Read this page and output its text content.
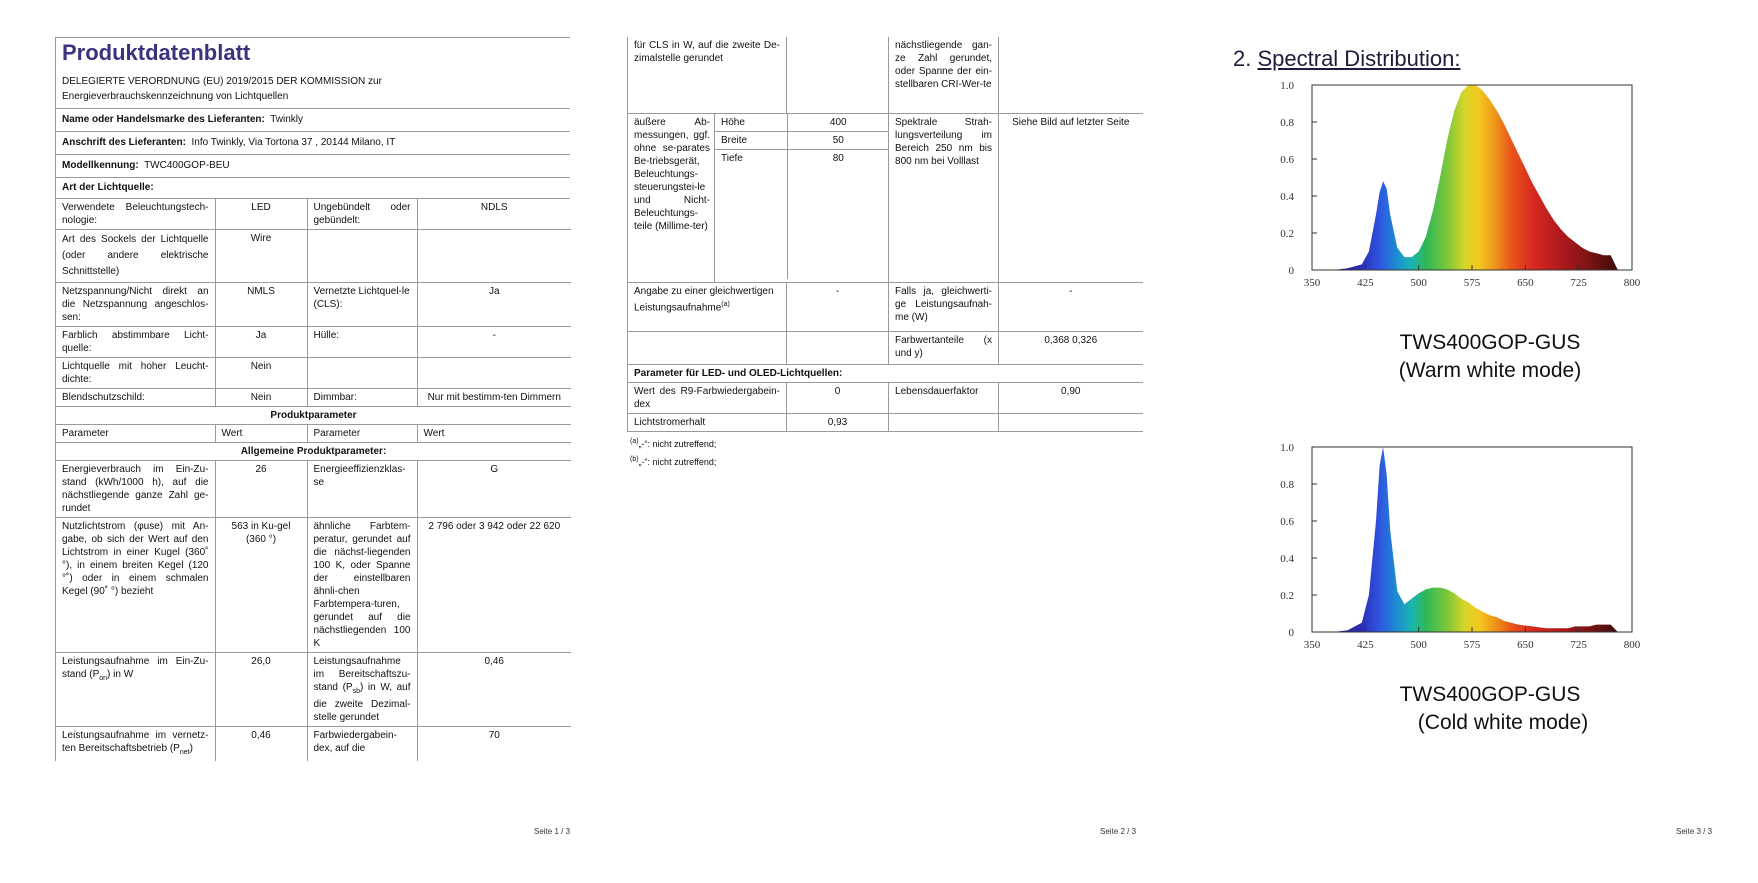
Produktdatenblatt
DELEGIERTE VERORDNUNG (EU) 2019/2015 DER KOMMISSION zur
Energieverbrauchskennzeichnung von Lichtquellen
Name oder Handelsmarke des Lieferanten: Twinkly
Anschrift des Lieferanten: Info Twinkly, Via Tortona 37 , 20144 Milano, IT
Modellkennung: TWC400GOP-BEU
Art der Lichtquelle:
Verwendete Beleuchtungstech-nologie:	LED	Ungebündelt oder gebündelt:	NDLS
Art des Sockels der Lichtquelle (oder andere elektrische Schnittstelle)	Wire		
Netzspannung/Nicht direkt an die Netzspannung angeschlos-sen:	NMLS	Vernetzte Lichtquel-le (CLS):	Ja
Farblich abstimmbare Licht-quelle:	Ja	Hülle:	-
Lichtquelle mit hoher Leucht-dichte:	Nein		
Blendschutzschild:	Nein	Dimmbar:	Nur mit bestimm-ten Dimmern
Produktparameter			
Parameter	Wert	Parameter	Wert
Allgemeine Produktparameter:			
Energieverbrauch im Ein-Zu-stand (kWh/1000 h), auf die nächstliegende ganze Zahl ge-rundet	26	Energieeffizienzklas-se	G
Nutzlichtstrom (φuse) mit An-gabe, ob sich der Wert auf den Lichtstrom in einer Kugel (360˚ °), in einem breiten Kegel (120 °˚) oder in einem schmalen Kegel (90˚ °) bezieht	563 in Ku-gel (360 °)	ähnliche Farbtem-peratur, gerundet auf die nächst-liegenden 100 K, oder Spanne der einstellbaren ähnli-chen Farbtempera-turen, gerundet auf die nächstliegenden 100 K	2 796 oder 3 942 oder 22 620
Leistungsaufnahme im Ein-Zu-stand $(P_{on})$ in W	26,0	Leistungsaufnahme im Bereitschaftszu-stand $(P_{sb})$ in W, auf die zweite Dezimal-stelle gerundet	0,46
Leistungsaufnahme im vernetz-ten Bereitschaftsbetrieb $(P_{net})$	0,46	Farbwiedergabein-dex, auf die	70
Seite 1 / 3
für CLS in W, auf die zweite De-zimalstelle gerundet		nächstliegende gan-ze Zahl gerundet, oder Spanne der ein-stellbaren CRI-Wer-te	
äußere Ab-messungen, ggf. ohne se-parates Be-triebsgerät, Beleuchtungs-steuerungstei-le und Nicht-Beleuchtungs-teile (Millime-ter)	
Höhe	400
Breite	50
Tiefe	80
	Spektrale Strah-lungsverteilung im Bereich 250 nm bis 800 nm bei Volllast	Siehe Bild auf letzter Seite
Angabe zu einer gleichwertigen Leistungsaufnahme$^{(a)}$	-	Falls ja, gleichwerti-ge Leistungsaufnah-me (W)	-
		Farbwertanteile (x und y)	0,368 0,326
Parameter für LED- und OLED-Lichtquellen:
Wert des R9-Farbwiedergabein-dex	0	Lebensdauerfaktor	0,90
Lichtstromerhalt	0,93		
$^{(a)}$„-“: nicht zutreffend;
$^{(b)}$„-“: nicht zutreffend;
Seite 2 / 3
2. Spectral Distribution:
0
0.2
0.4
0.6
0.8
1.0
350	425	500	575	650	725	800
TWS400GOP-GUS
(Warm white mode)
0
0.2
0.4
0.6
0.8
1.0
350	425	500	575	650	725	800
TWS400GOP-GUS
(Cold white mode)
Seite 3 / 3
